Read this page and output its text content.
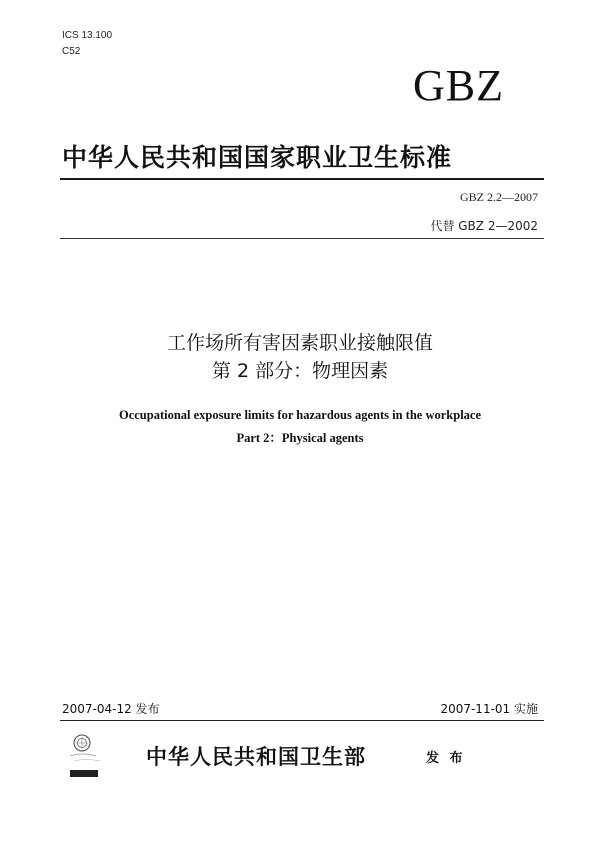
ICS 13.100
C52
GBZ
中华人民共和国国家职业卫生标准
GBZ 2.2—2007
代替 GBZ 2—2002
工作场所有害因素职业接触限值
第 2 部分：物理因素
Occupational exposure limits for hazardous agents in the workplace
Part 2：Physical agents
2007-04-12 发布	2007-11-01 实施
中华人民共和国卫生部	发 布
